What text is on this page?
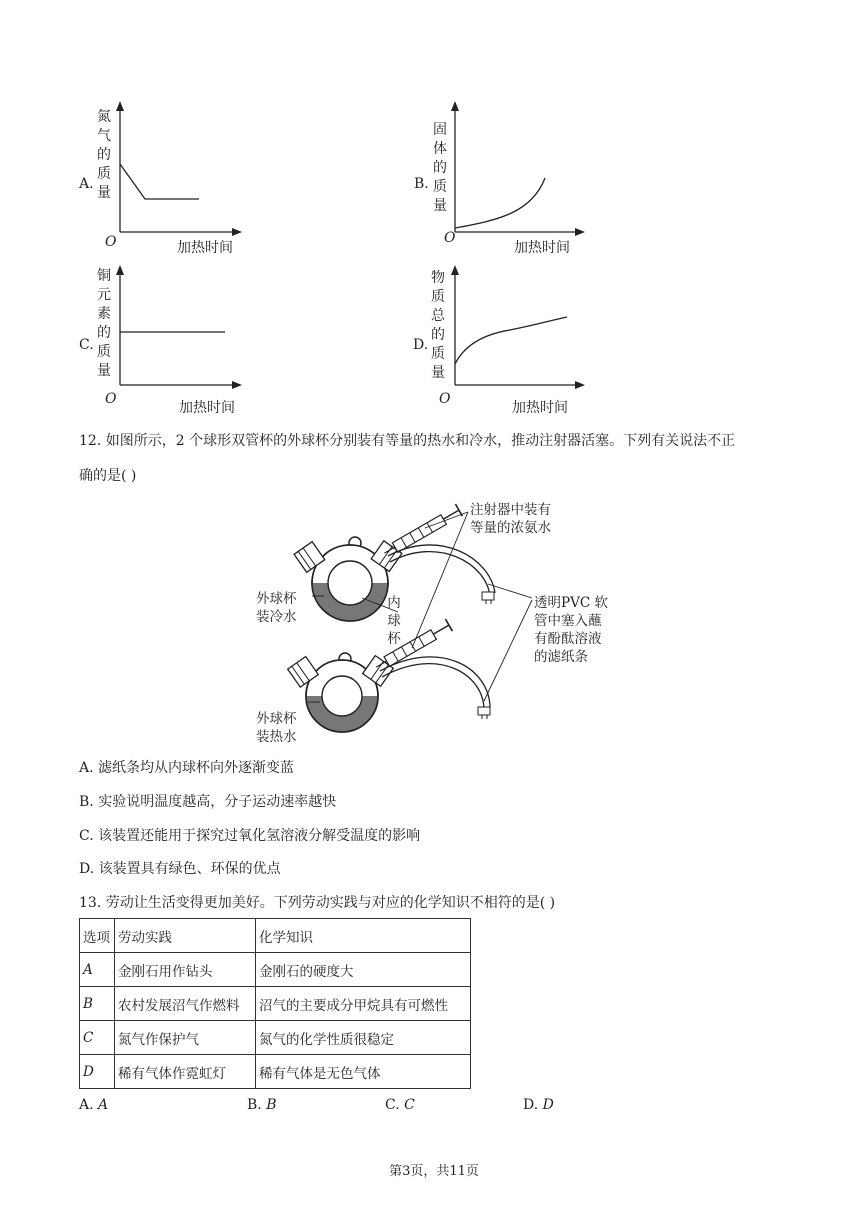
A.
氮
气
的
质
量
O	加热时间
B.
固
体
的
质
量
O
加热时间
C.
铜
元
素
的
质
量
O
加热时间
D.
物
质
总
的
质
量
O
加热时间
12. 如图所示，2 个球形双管杯的外球杯分别装有等量的热水和冷水，推动注射器活塞。下列有关说法不正
确的是( )
注射器中装有
等量的浓氨水
外球杯
装冷水
内
球
杯
透明PVC 软
管中塞入蘸
有酚酞溶液
的滤纸条
外球杯
装热水
A. 滤纸条均从内球杯向外逐渐变蓝
B. 实验说明温度越高，分子运动速率越快
C. 该装置还能用于探究过氧化氢溶液分解受温度的影响
D. 该装置具有绿色、环保的优点
13. 劳动让生活变得更加美好。下列劳动实践与对应的化学知识不相符的是( )
选项	劳动实践	化学知识
A	金刚石用作钻头	金刚石的硬度大
B	农村发展沼气作燃料	沼气的主要成分甲烷具有可燃性
C	氮气作保护气	氮气的化学性质很稳定
D	稀有气体作霓虹灯	稀有气体是无色气体
A. A	B. B	C. C	D. D
第3页，共11页
